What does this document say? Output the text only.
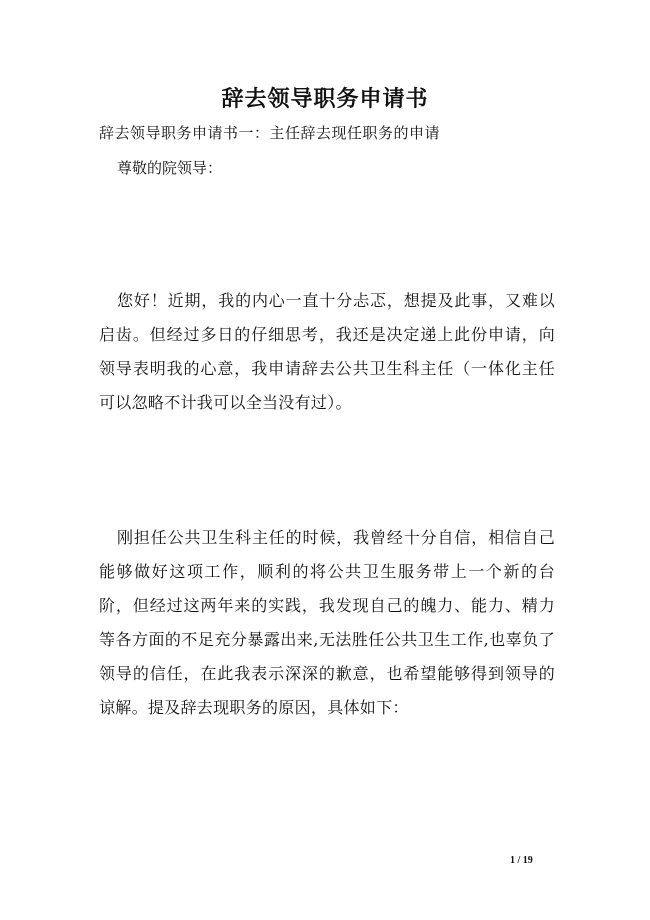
辞去领导职务申请书
辞去领导职务申请书一：主任辞去现任职务的申请
尊敬的院领导：

您好！近期，我的内心一直十分忐忑，想提及此事，又难以启齿。但经过多日的仔细思考，我还是决定递上此份申请，向领导表明我的心意，我申请辞去公共卫生科主任（一体化主任可以忽略不计我可以全当没有过）。

刚担任公共卫生科主任的时候，我曾经十分自信，相信自己能够做好这项工作，顺利的将公共卫生服务带上一个新的台阶，但经过这两年来的实践，我发现自己的魄力、能力、精力等各方面的不足充分暴露出来,无法胜任公共卫生工作,也辜负了领导的信任，在此我表示深深的歉意，也希望能够得到领导的谅解。提及辞去现职务的原因，具体如下：

1 / 19
